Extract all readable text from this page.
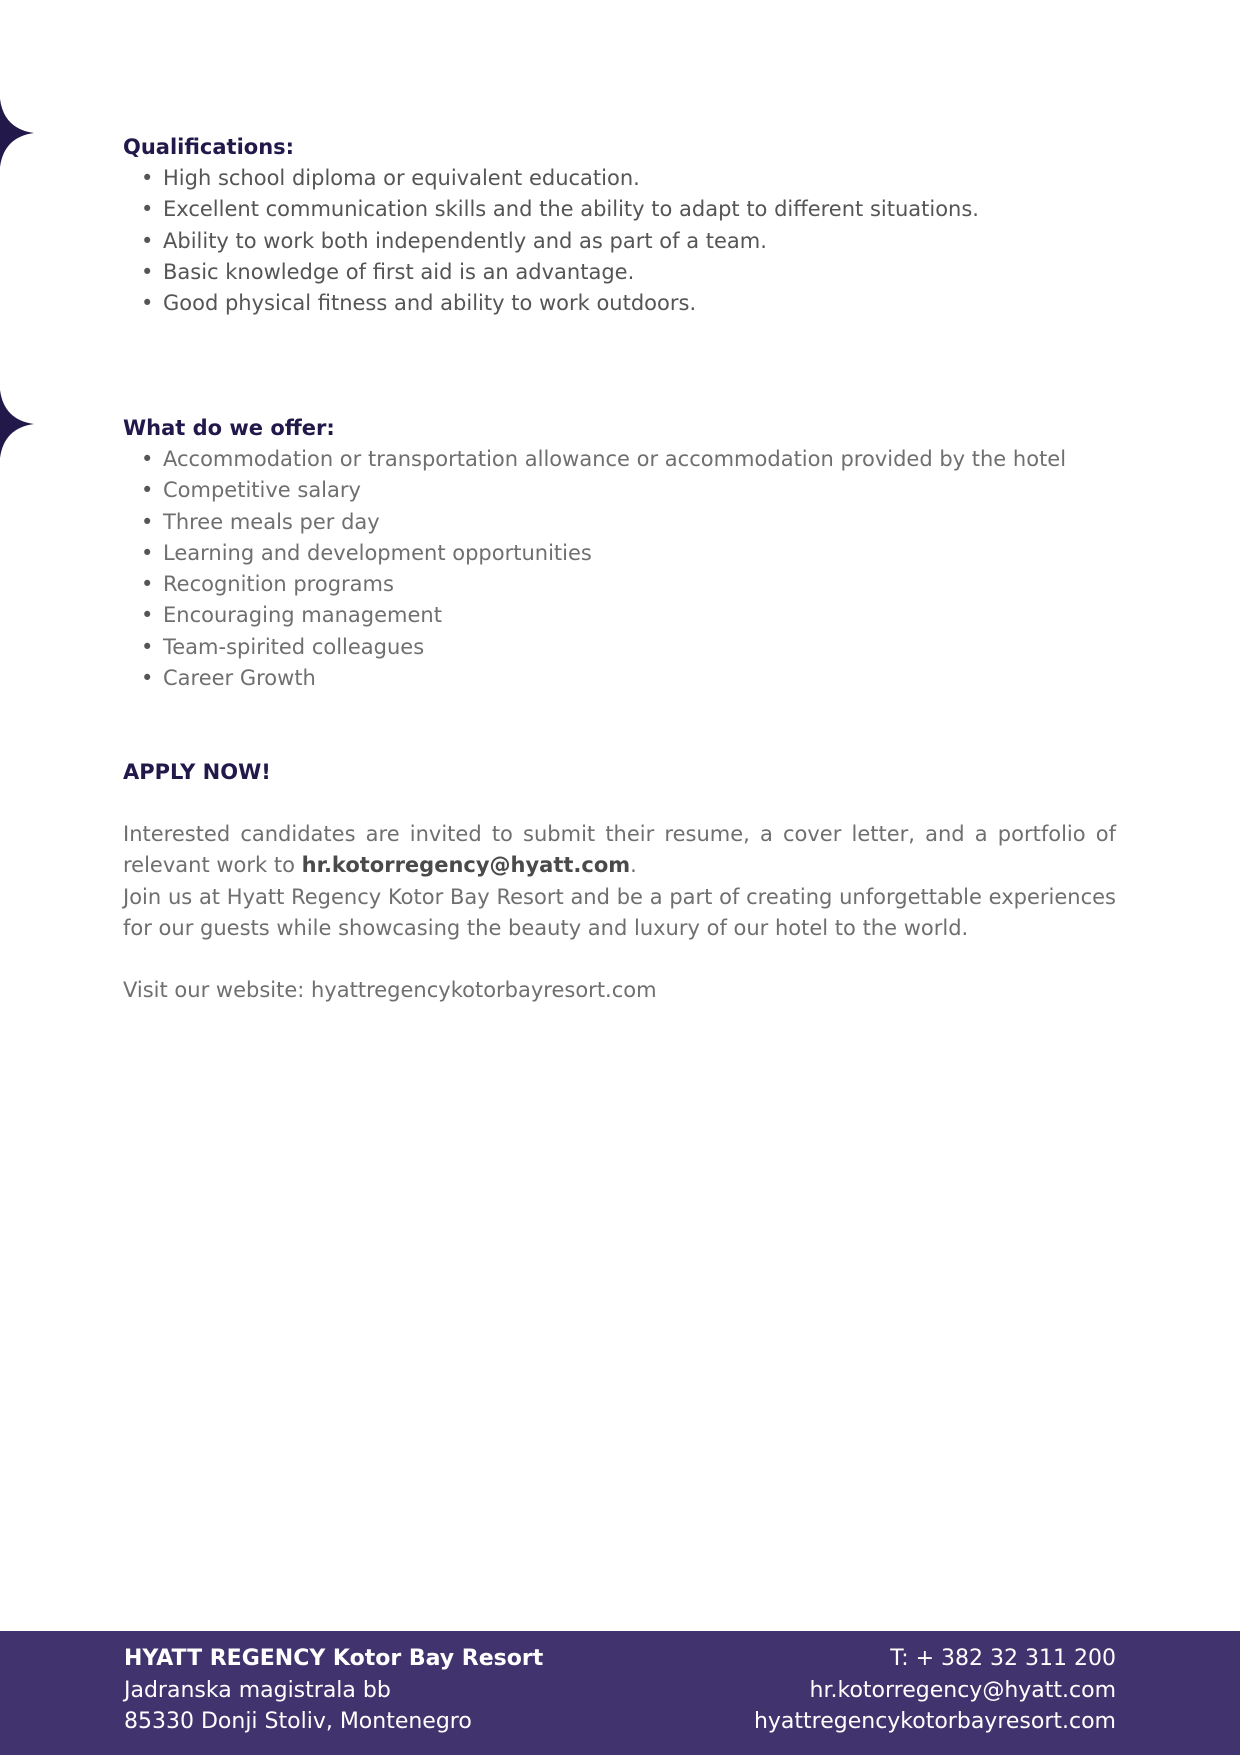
Qualifications:

• High school diploma or equivalent education.
• Excellent communication skills and the ability to adapt to different situations.
• Ability to work both independently and as part of a team.
• Basic knowledge of first aid is an advantage.
• Good physical fitness and ability to work outdoors.

What do we offer:

• Accommodation or transportation allowance or accommodation provided by the hotel
• Competitive salary
• Three meals per day
• Learning and development opportunities
• Recognition programs
• Encouraging management
• Team-spirited colleagues
• Career Growth

APPLY NOW!

Interested candidates are invited to submit their resume, a cover letter, and a portfolio of relevant work to hr.kotorregency@hyatt.com.

Join us at Hyatt Regency Kotor Bay Resort and be a part of creating unforgettable experiences for our guests while showcasing the beauty and luxury of our hotel to the world.

Visit our website: hyattregencykotorbayresort.com

HYATT REGENCY Kotor Bay Resort
Jadranska magistrala bb
85330 Donji Stoliv, Montenegro
T: + 382 32 311 200
hr.kotorregency@hyatt.com
hyattregencykotorbayresort.com
